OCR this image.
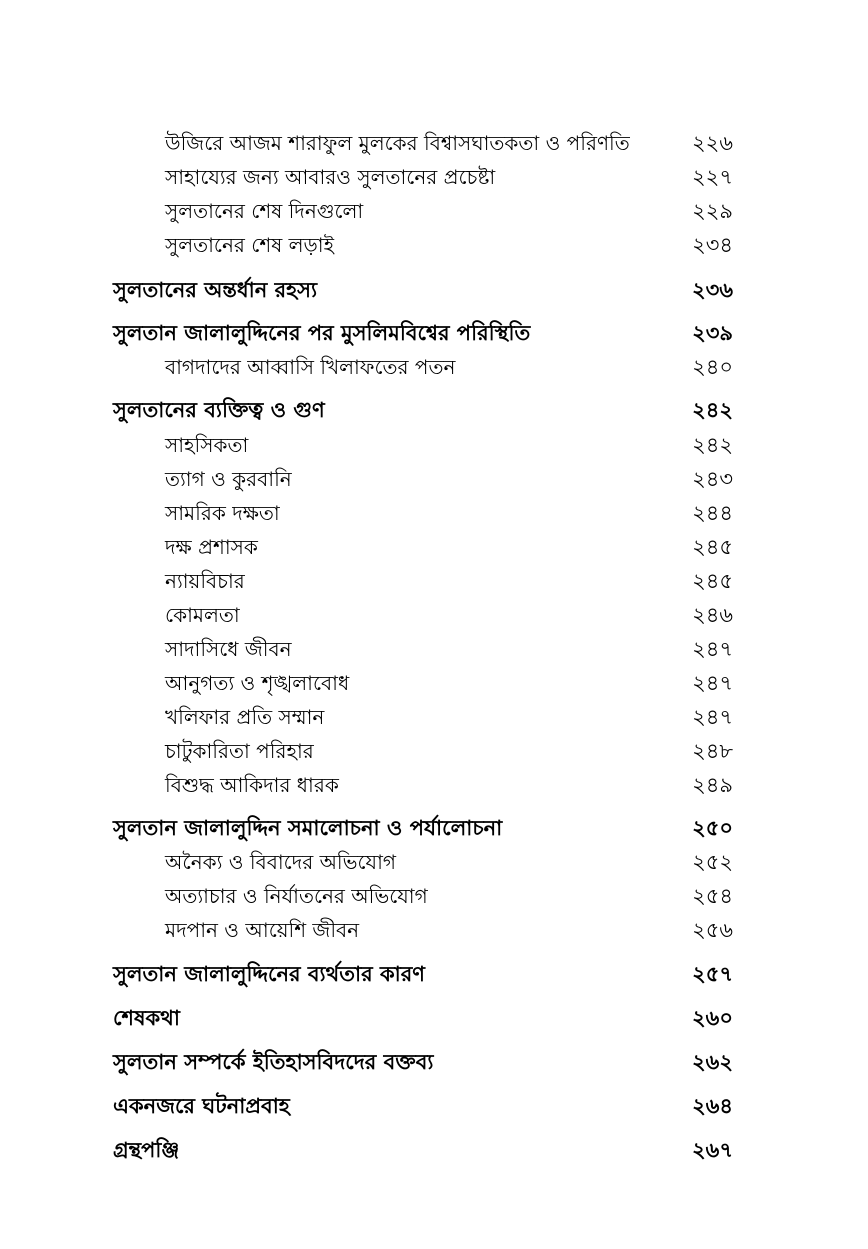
উজিরে আজম শারাফুল মুলকের বিশ্বাসঘাতকতা ও পরিণতি	২২৬
সাহায্যের জন্য আবারও সুলতানের প্রচেষ্টা	২২৭
সুলতানের শেষ দিনগুলো	২২৯
সুলতানের শেষ লড়াই	২৩৪
সুলতানের অন্তর্ধান রহস্য	২৩৬
সুলতান জালালুদ্দিনের পর মুসলিমবিশ্বের পরিস্থিতি	২৩৯
বাগদাদের আব্বাসি খিলাফতের পতন	২৪০
সুলতানের ব্যক্তিত্ব ও গুণ	২৪২
সাহসিকতা	২৪২
ত্যাগ ও কুরবানি	২৪৩
সামরিক দক্ষতা	২৪৪
দক্ষ প্রশাসক	২৪৫
ন্যায়বিচার	২৪৫
কোমলতা	২৪৬
সাদাসিধে জীবন	২৪৭
আনুগত্য ও শৃঙ্খলাবোধ	২৪৭
খলিফার প্রতি সম্মান	২৪৭
চাটুকারিতা পরিহার	২৪৮
বিশুদ্ধ আকিদার ধারক	২৪৯
সুলতান জালালুদ্দিন সমালোচনা ও পর্যালোচনা	২৫০
অনৈক্য ও বিবাদের অভিযোগ	২৫২
অত্যাচার ও নির্যাতনের অভিযোগ	২৫৪
মদপান ও আয়েশি জীবন	২৫৬
সুলতান জালালুদ্দিনের ব্যর্থতার কারণ	২৫৭
শেষকথা	২৬০
সুলতান সম্পর্কে ইতিহাসবিদদের বক্তব্য	২৬২
একনজরে ঘটনাপ্রবাহ	২৬৪
গ্রন্থপঞ্জি	২৬৭
